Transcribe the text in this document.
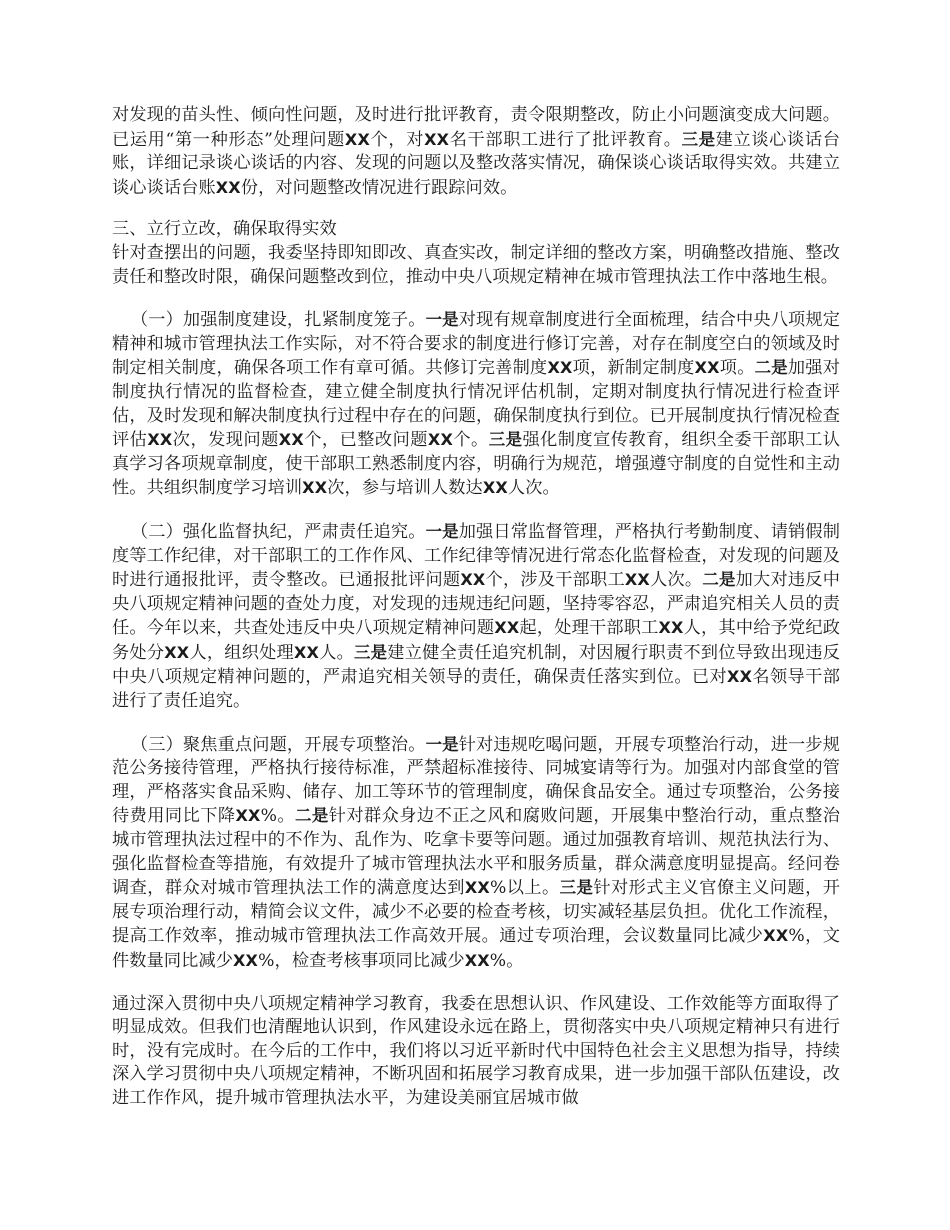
对发现的苗头性、倾向性问题，及时进行批评教育，责令限期整改，防止小问题演变成大问题。已运用“第一种形态”处理问题XX个，对XX名干部职工进行了批评教育。三是建立谈心谈话台账，详细记录谈心谈话的内容、发现的问题以及整改落实情况，确保谈心谈话取得实效。共建立谈心谈话台账XX份，对问题整改情况进行跟踪问效。

三、立行立改，确保取得实效

针对查摆出的问题，我委坚持即知即改、真查实改，制定详细的整改方案，明确整改措施、整改责任和整改时限，确保问题整改到位，推动中央八项规定精神在城市管理执法工作中落地生根。

（一）加强制度建设，扎紧制度笼子。一是对现有规章制度进行全面梳理，结合中央八项规定精神和城市管理执法工作实际，对不符合要求的制度进行修订完善，对存在制度空白的领域及时制定相关制度，确保各项工作有章可循。共修订完善制度XX项，新制定制度XX项。二是加强对制度执行情况的监督检查，建立健全制度执行情况评估机制，定期对制度执行情况进行检查评估，及时发现和解决制度执行过程中存在的问题，确保制度执行到位。已开展制度执行情况检查评估XX次，发现问题XX个，已整改问题XX个。三是强化制度宣传教育，组织全委干部职工认真学习各项规章制度，使干部职工熟悉制度内容，明确行为规范，增强遵守制度的自觉性和主动性。共组织制度学习培训XX次，参与培训人数达XX人次。

（二）强化监督执纪，严肃责任追究。一是加强日常监督管理，严格执行考勤制度、请销假制度等工作纪律，对干部职工的工作作风、工作纪律等情况进行常态化监督检查，对发现的问题及时进行通报批评，责令整改。已通报批评问题XX个，涉及干部职工XX人次。二是加大对违反中央八项规定精神问题的查处力度，对发现的违规违纪问题，坚持零容忍，严肃追究相关人员的责任。今年以来，共查处违反中央八项规定精神问题XX起，处理干部职工XX人，其中给予党纪政务处分XX人，组织处理XX人。三是建立健全责任追究机制，对因履行职责不到位导致出现违反中央八项规定精神问题的，严肃追究相关领导的责任，确保责任落实到位。已对XX名领导干部进行了责任追究。

（三）聚焦重点问题，开展专项整治。一是针对违规吃喝问题，开展专项整治行动，进一步规范公务接待管理，严格执行接待标准，严禁超标准接待、同城宴请等行为。加强对内部食堂的管理，严格落实食品采购、储存、加工等环节的管理制度，确保食品安全。通过专项整治，公务接待费用同比下降XX%。二是针对群众身边不正之风和腐败问题，开展集中整治行动，重点整治城市管理执法过程中的不作为、乱作为、吃拿卡要等问题。通过加强教育培训、规范执法行为、强化监督检查等措施，有效提升了城市管理执法水平和服务质量，群众满意度明显提高。经问卷调查，群众对城市管理执法工作的满意度达到XX%以上。三是针对形式主义官僚主义问题，开展专项治理行动，精简会议文件，减少不必要的检查考核，切实减轻基层负担。优化工作流程，提高工作效率，推动城市管理执法工作高效开展。通过专项治理，会议数量同比减少XX%，文件数量同比减少XX%，检查考核事项同比减少XX%。

通过深入贯彻中央八项规定精神学习教育，我委在思想认识、作风建设、工作效能等方面取得了明显成效。但我们也清醒地认识到，作风建设永远在路上，贯彻落实中央八项规定精神只有进行时，没有完成时。在今后的工作中，我们将以习近平新时代中国特色社会主义思想为指导，持续深入学习贯彻中央八项规定精神，不断巩固和拓展学习教育成果，进一步加强干部队伍建设，改进工作作风，提升城市管理执法水平，为建设美丽宜居城市做
